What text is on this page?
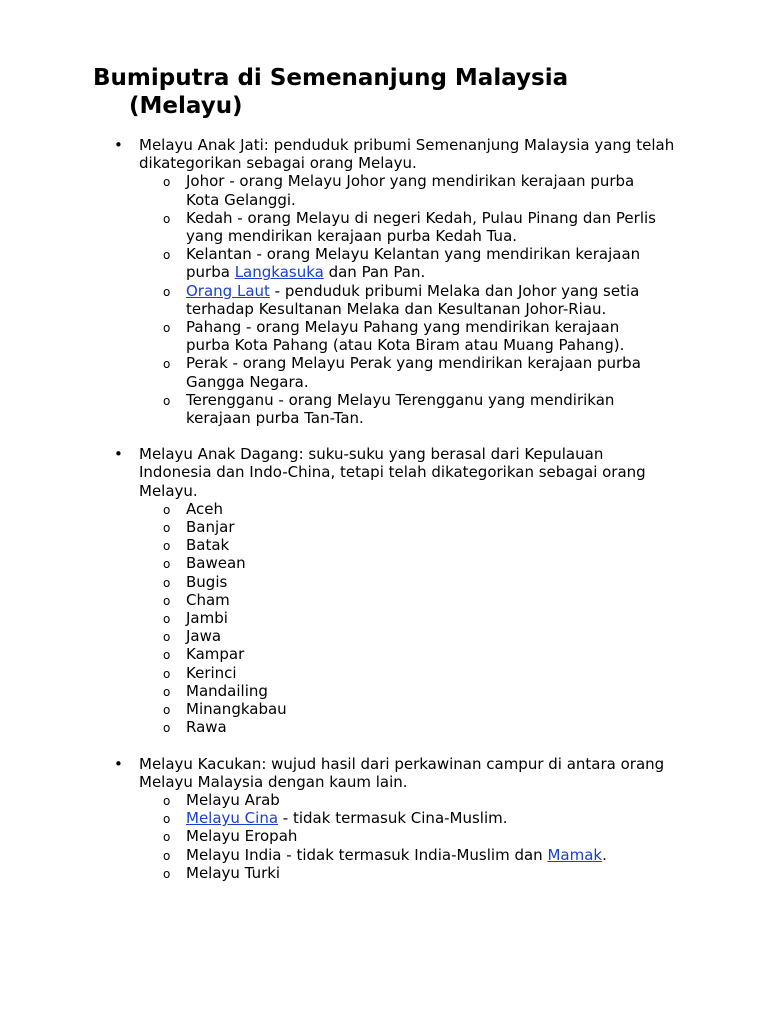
Bumiputra di Semenanjung Malaysia
(Melayu)
• Melayu Anak Jati: penduduk pribumi Semenanjung Malaysia yang telah dikategorikan sebagai orang Melayu.
o Johor - orang Melayu Johor yang mendirikan kerajaan purba Kota Gelanggi.
o Kedah - orang Melayu di negeri Kedah, Pulau Pinang dan Perlis yang mendirikan kerajaan purba Kedah Tua.
o Kelantan - orang Melayu Kelantan yang mendirikan kerajaan purba Langkasuka dan Pan Pan.
o Orang Laut - penduduk pribumi Melaka dan Johor yang setia terhadap Kesultanan Melaka dan Kesultanan Johor-Riau.
o Pahang - orang Melayu Pahang yang mendirikan kerajaan purba Kota Pahang (atau Kota Biram atau Muang Pahang).
o Perak - orang Melayu Perak yang mendirikan kerajaan purba Gangga Negara.
o Terengganu - orang Melayu Terengganu yang mendirikan kerajaan purba Tan-Tan.
• Melayu Anak Dagang: suku-suku yang berasal dari Kepulauan Indonesia dan Indo-China, tetapi telah dikategorikan sebagai orang Melayu.
o Aceh
o Banjar
o Batak
o Bawean
o Bugis
o Cham
o Jambi
o Jawa
o Kampar
o Kerinci
o Mandailing
o Minangkabau
o Rawa
• Melayu Kacukan: wujud hasil dari perkawinan campur di antara orang Melayu Malaysia dengan kaum lain.
o Melayu Arab
o Melayu Cina - tidak termasuk Cina-Muslim.
o Melayu Eropah
o Melayu India - tidak termasuk India-Muslim dan Mamak.
o Melayu Turki
